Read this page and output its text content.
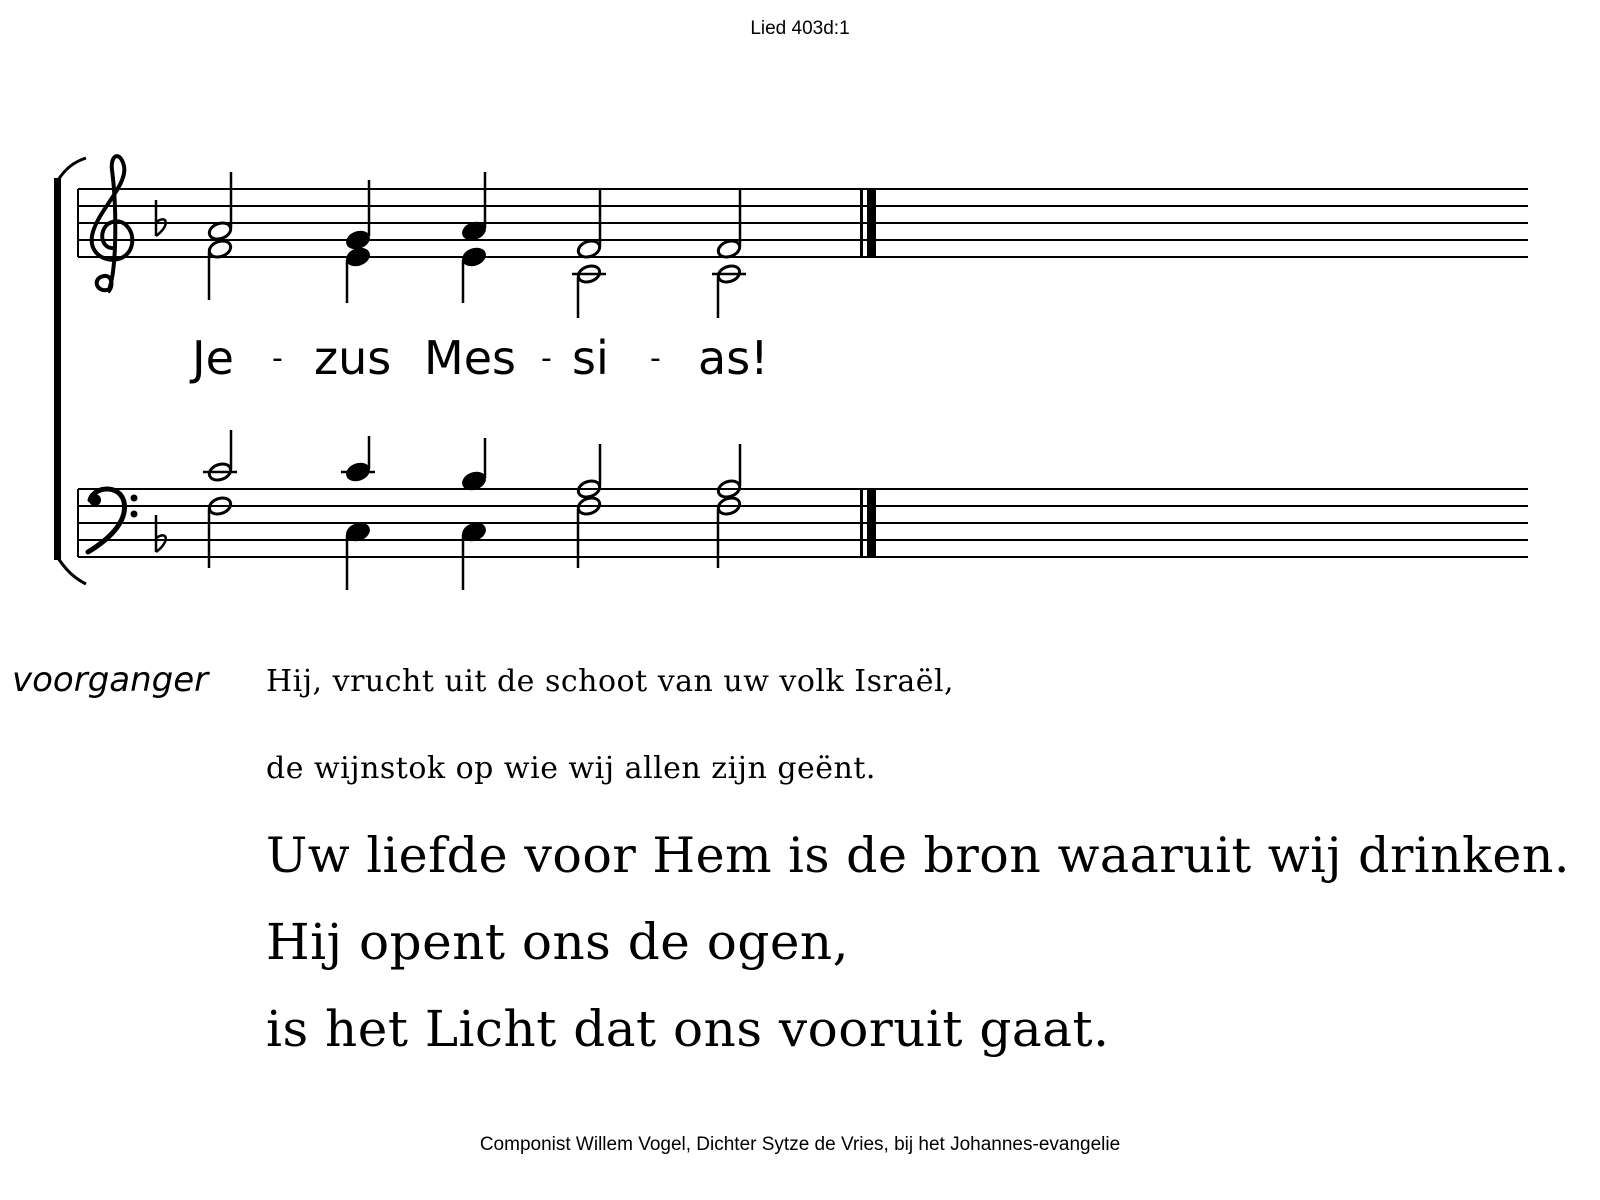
Lied 403d:1
Je - zus Mes - si - as!
voorganger Hij, vrucht uit de schoot van uw volk Israël,
de wijnstok op wie wij allen zijn geënt.
Uw liefde voor Hem is de bron waaruit wij drinken.
Hij opent ons de ogen,
is het Licht dat ons vooruit gaat.
Componist Willem Vogel, Dichter Sytze de Vries, bij het Johannes-evangelie
